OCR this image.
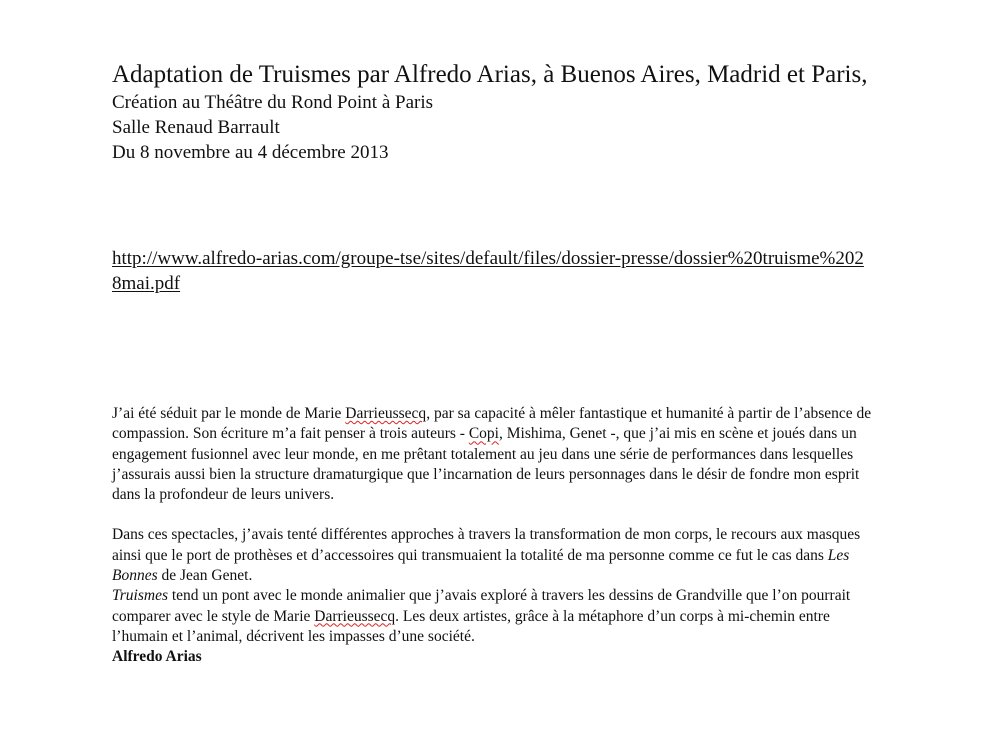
Adaptation de Truismes par Alfredo Arias, à Buenos Aires, Madrid et Paris,

Création au Théâtre du Rond Point à Paris

Salle Renaud Barrault

Du 8 novembre au 4 décembre 2013

http://www.alfredo-arias.com/groupe-tse/sites/default/files/dossier-presse/dossier%20truisme%2028mai.pdf

J’ai été séduit par le monde de Marie Darrieussecq, par sa capacité à mêler fantastique et humanité à partir de l’absence de compassion. Son écriture m’a fait penser à trois auteurs - Copi, Mishima, Genet -, que j’ai mis en scène et joués dans un engagement fusionnel avec leur monde, en me prêtant totalement au jeu dans une série de performances dans lesquelles j’assurais aussi bien la structure dramaturgique que l’incarnation de leurs personnages dans le désir de fondre mon esprit dans la profondeur de leurs univers.

Dans ces spectacles, j’avais tenté différentes approches à travers la transformation de mon corps, le recours aux masques ainsi que le port de prothèses et d’accessoires qui transmuaient la totalité de ma personne comme ce fut le cas dans Les Bonnes de Jean Genet.

Truismes tend un pont avec le monde animalier que j’avais exploré à travers les dessins de Grandville que l’on pourrait comparer avec le style de Marie Darrieussecq. Les deux artistes, grâce à la métaphore d’un corps à mi-chemin entre l’humain et l’animal, décrivent les impasses d’une société.

Alfredo Arias
